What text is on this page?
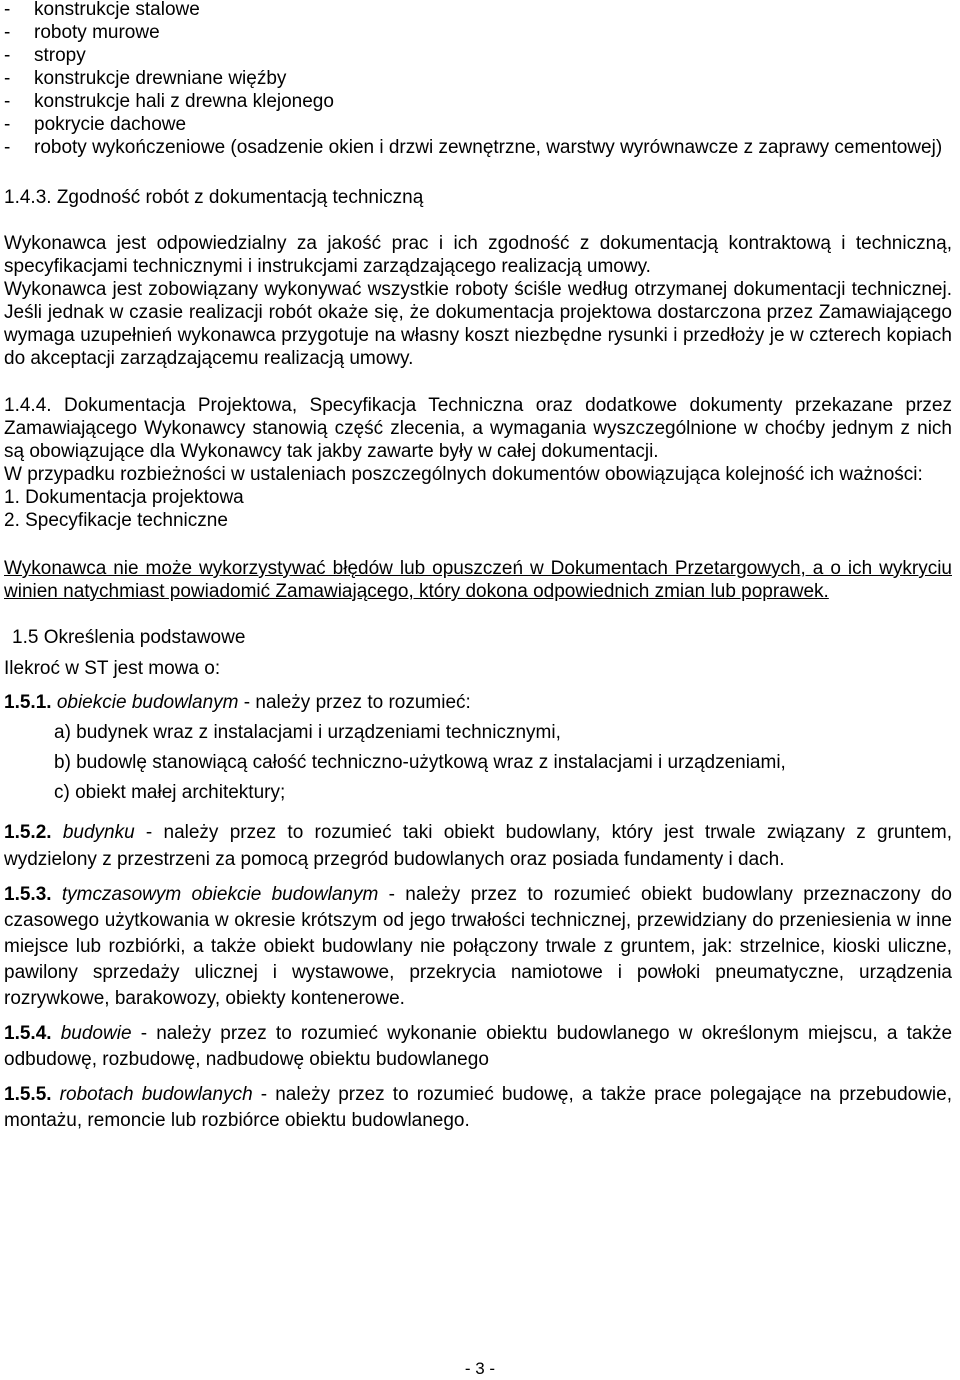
- konstrukcje stalowe
- roboty murowe
- stropy
- konstrukcje drewniane więźby
- konstrukcje hali z drewna klejonego
- pokrycie dachowe
- roboty wykończeniowe (osadzenie okien i drzwi zewnętrzne, warstwy wyrównawcze z zaprawy cementowej)

1.4.3. Zgodność robót z dokumentacją techniczną

Wykonawca jest odpowiedzialny za jakość prac i ich zgodność z dokumentacją kontraktową i techniczną, specyfikacjami technicznymi i instrukcjami zarządzającego realizacją umowy.

Wykonawca jest zobowiązany wykonywać wszystkie roboty ściśle według otrzymanej dokumentacji technicznej. Jeśli jednak w czasie realizacji robót okaże się, że dokumentacja projektowa dostarczona przez Zamawiającego wymaga uzupełnień wykonawca przygotuje na własny koszt niezbędne rysunki i przedłoży je w czterech kopiach do akceptacji zarządzającemu realizacją umowy.

1.4.4. Dokumentacja Projektowa, Specyfikacja Techniczna oraz dodatkowe dokumenty przekazane przez Zamawiającego Wykonawcy stanowią część zlecenia, a wymagania wyszczególnione w choćby jednym z nich są obowiązujące dla Wykonawcy tak jakby zawarte były w całej dokumentacji.

W przypadku rozbieżności w ustaleniach poszczególnych dokumentów obowiązująca kolejność ich ważności:

1. Dokumentacja projektowa
2. Specyfikacje techniczne

Wykonawca nie może wykorzystywać błędów lub opuszczeń w Dokumentach Przetargowych, a o ich wykryciu winien natychmiast powiadomić Zamawiającego, który dokona odpowiednich zmian lub poprawek.

1.5 Określenia podstawowe

Ilekroć w ST jest mowa o:

1.5.1. obiekcie budowlanym - należy przez to rozumieć:

a) budynek wraz z instalacjami i urządzeniami technicznymi,
b) budowlę stanowiącą całość techniczno-użytkową wraz z instalacjami i urządzeniami,
c) obiekt małej architektury;

1.5.2. budynku - należy przez to rozumieć taki obiekt budowlany, który jest trwale związany z gruntem, wydzielony z przestrzeni za pomocą przegród budowlanych oraz posiada fundamenty i dach.

1.5.3. tymczasowym obiekcie budowlanym - należy przez to rozumieć obiekt budowlany przeznaczony do czasowego użytkowania w okresie krótszym od jego trwałości technicznej, przewidziany do przeniesienia w inne miejsce lub rozbiórki, a także obiekt budowlany nie połączony trwale z gruntem, jak: strzelnice, kioski uliczne, pawilony sprzedaży ulicznej i wystawowe, przekrycia namiotowe i powłoki pneumatyczne, urządzenia rozrywkowe, barakowozy, obiekty kontenerowe.

1.5.4. budowie - należy przez to rozumieć wykonanie obiektu budowlanego w określonym miejscu, a także odbudowę, rozbudowę, nadbudowę obiektu budowlanego

1.5.5. robotach budowlanych - należy przez to rozumieć budowę, a także prace polegające na przebudowie, montażu, remoncie lub rozbiórce obiektu budowlanego.

- 3 -
